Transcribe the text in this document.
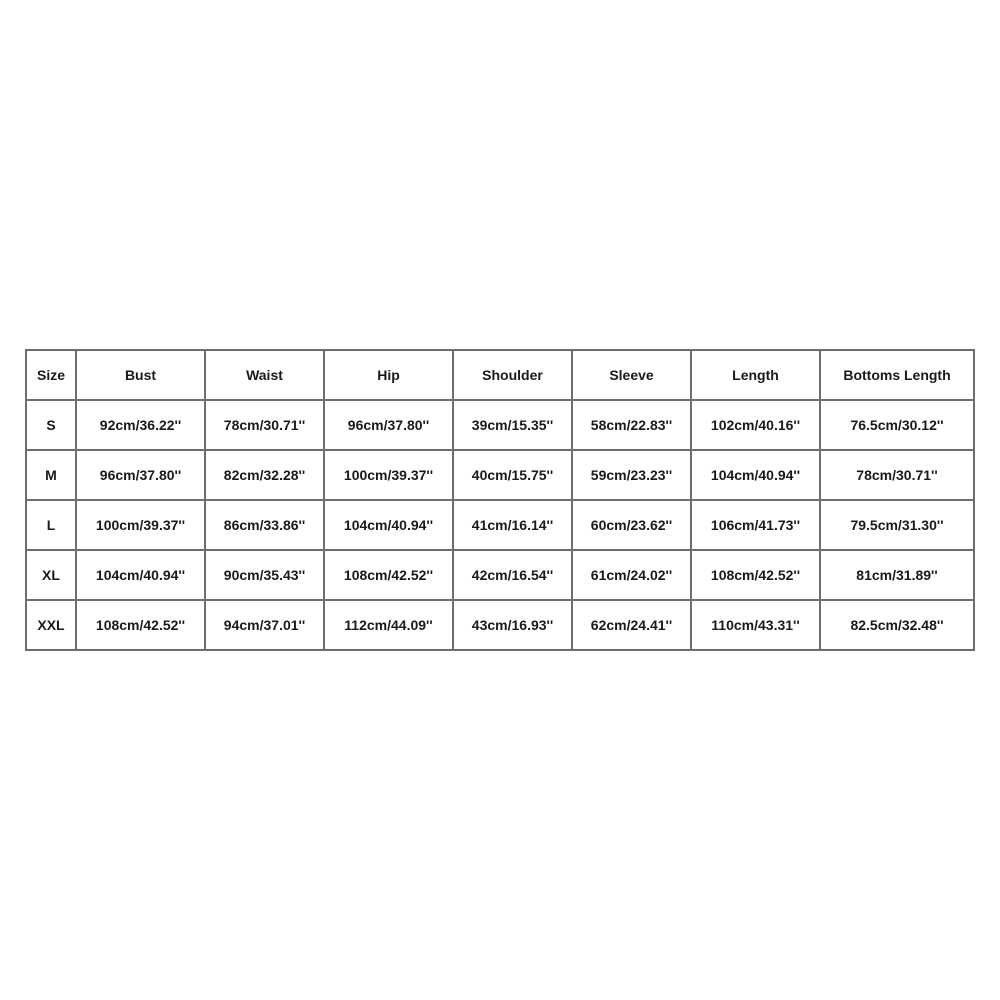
Size	Bust	Waist	Hip	Shoulder	Sleeve	Length	Bottoms Length
S	92cm/36.22''	78cm/30.71''	96cm/37.80''	39cm/15.35''	58cm/22.83''	102cm/40.16''	76.5cm/30.12''
M	96cm/37.80''	82cm/32.28''	100cm/39.37''	40cm/15.75''	59cm/23.23''	104cm/40.94''	78cm/30.71''
L	100cm/39.37''	86cm/33.86''	104cm/40.94''	41cm/16.14''	60cm/23.62''	106cm/41.73''	79.5cm/31.30''
XL	104cm/40.94''	90cm/35.43''	108cm/42.52''	42cm/16.54''	61cm/24.02''	108cm/42.52''	81cm/31.89''
XXL	108cm/42.52''	94cm/37.01''	112cm/44.09''	43cm/16.93''	62cm/24.41''	110cm/43.31''	82.5cm/32.48''
